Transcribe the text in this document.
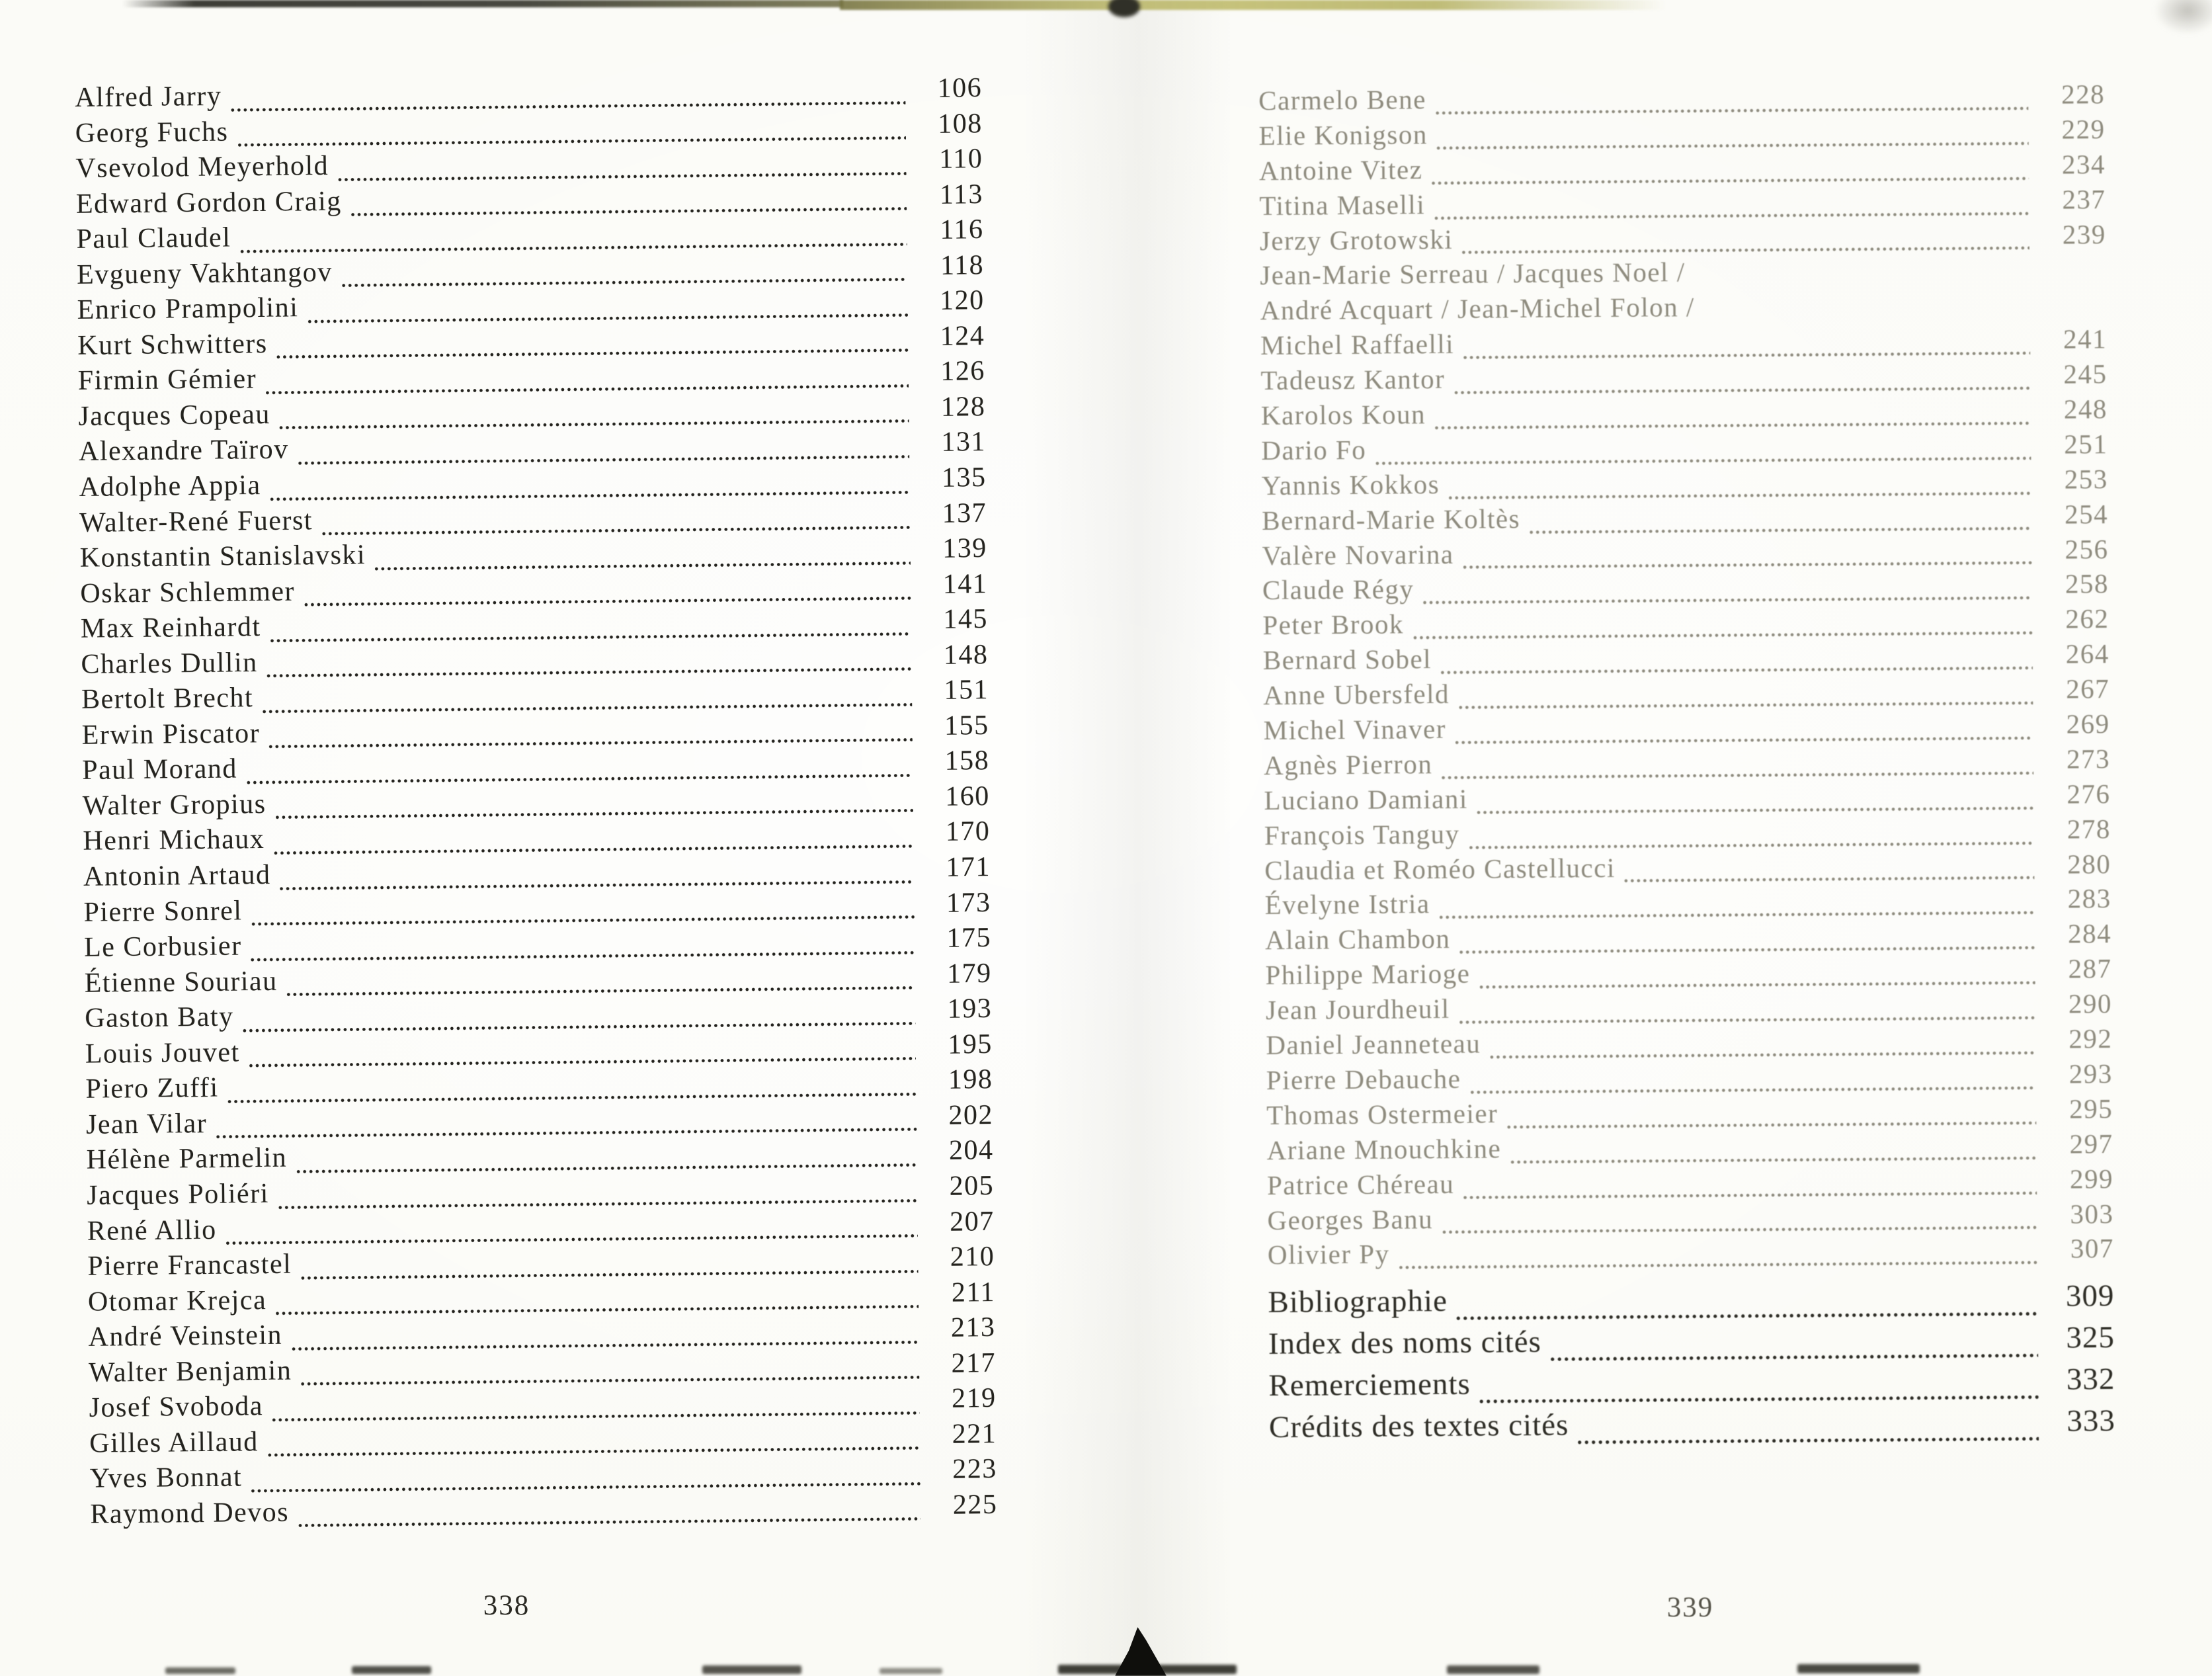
Alfred Jarry	106
Georg Fuchs	108
Vsevolod Meyerhold	110
Edward Gordon Craig	113
Paul Claudel	116
Evgueny Vakhtangov	118
Enrico Prampolini	120
Kurt Schwitters	124
Firmin Gémier	126
Jacques Copeau	128
Alexandre Taïrov	131
Adolphe Appia	135
Walter-René Fuerst	137
Konstantin Stanislavski	139
Oskar Schlemmer	141
Max Reinhardt	145
Charles Dullin	148
Bertolt Brecht	151
Erwin Piscator	155
Paul Morand	158
Walter Gropius	160
Henri Michaux	170
Antonin Artaud	171
Pierre Sonrel	173
Le Corbusier	175
Étienne Souriau	179
Gaston Baty	193
Louis Jouvet	195
Piero Zuffi	198
Jean Vilar	202
Hélène Parmelin	204
Jacques Poliéri	205
René Allio	207
Pierre Francastel	210
Otomar Krejca	211
André Veinstein	213
Walter Benjamin	217
Josef Svoboda	219
Gilles Aillaud	221
Yves Bonnat	223
Raymond Devos	225
Carmelo Bene	228
Elie Konigson	229
Antoine Vitez	234
Titina Maselli	237
Jerzy Grotowski	239
Jean-Marie Serreau / Jacques Noel /
André Acquart / Jean-Michel Folon /
Michel Raffaelli	241
Tadeusz Kantor	245
Karolos Koun	248
Dario Fo	251
Yannis Kokkos	253
Bernard-Marie Koltès	254
Valère Novarina	256
Claude Régy	258
Peter Brook	262
Bernard Sobel	264
Anne Ubersfeld	267
Michel Vinaver	269
Agnès Pierron	273
Luciano Damiani	276
François Tanguy	278
Claudia et Roméo Castellucci	280
Évelyne Istria	283
Alain Chambon	284
Philippe Marioge	287
Jean Jourdheuil	290
Daniel Jeanneteau	292
Pierre Debauche	293
Thomas Ostermeier	295
Ariane Mnouchkine	297
Patrice Chéreau	299
Georges Banu	303
Olivier Py	307
Bibliographie	309
Index des noms cités	325
Remerciements	332
Crédits des textes cités	333
338	339
